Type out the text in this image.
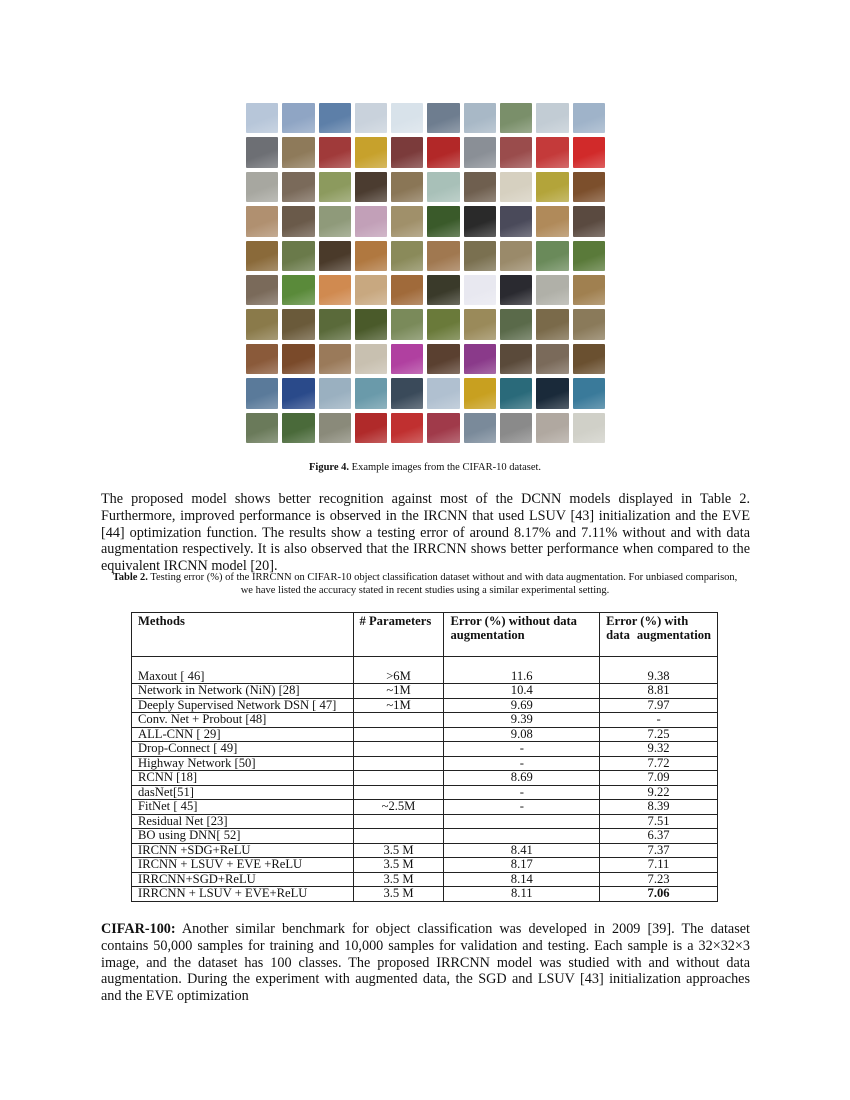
Figure 4. Example images from the CIFAR-10 dataset.
The proposed model shows better recognition against most of the DCNN models displayed in Table 2. Furthermore, improved performance is observed in the IRCNN that used LSUV [43] initialization and the EVE [44] optimization function. The results show a testing error of around 8.17% and 7.11% without and with data augmentation respectively. It is also observed that the IRRCNN shows better performance when compared to the equivalent IRCNN model [20].
Table 2. Testing error (%) of the IRRCNN on CIFAR-10 object classification dataset without and with data augmentation. For unbiased comparison, we have listed the accuracy stated in recent studies using a similar experimental setting.
Methods	# Parameters	Error (%) without data augmentation	Error (%) with data augmentation
Maxout [ 46]	>6M	11.6	9.38
Network in Network (NiN) [28]	~1M	10.4	8.81
Deeply Supervised Network DSN [ 47]	~1M	9.69	7.97
Conv. Net + Probout [48]		9.39	-
ALL-CNN [ 29]		9.08	7.25
Drop-Connect [ 49]		-	9.32
Highway Network [50]		-	7.72
RCNN [18]		8.69	7.09
dasNet[51]		-	9.22
FitNet [ 45]	~2.5M	-	8.39
Residual Net [23]			7.51
BO using DNN[ 52]			6.37
IRCNN +SDG+ReLU	3.5 M	8.41	7.37
IRCNN + LSUV + EVE +ReLU	3.5 M	8.17	7.11
IRRCNN+SGD+ReLU	3.5 M	8.14	7.23
IRRCNN + LSUV + EVE+ReLU	3.5 M	8.11	7.06
CIFAR-100: Another similar benchmark for object classification was developed in 2009 [39]. The dataset contains 50,000 samples for training and 10,000 samples for validation and testing. Each sample is a 32×32×3 image, and the dataset has 100 classes. The proposed IRRCNN model was studied with and without data augmentation. During the experiment with augmented data, the SGD and LSUV [43] initialization approaches and the EVE optimization
